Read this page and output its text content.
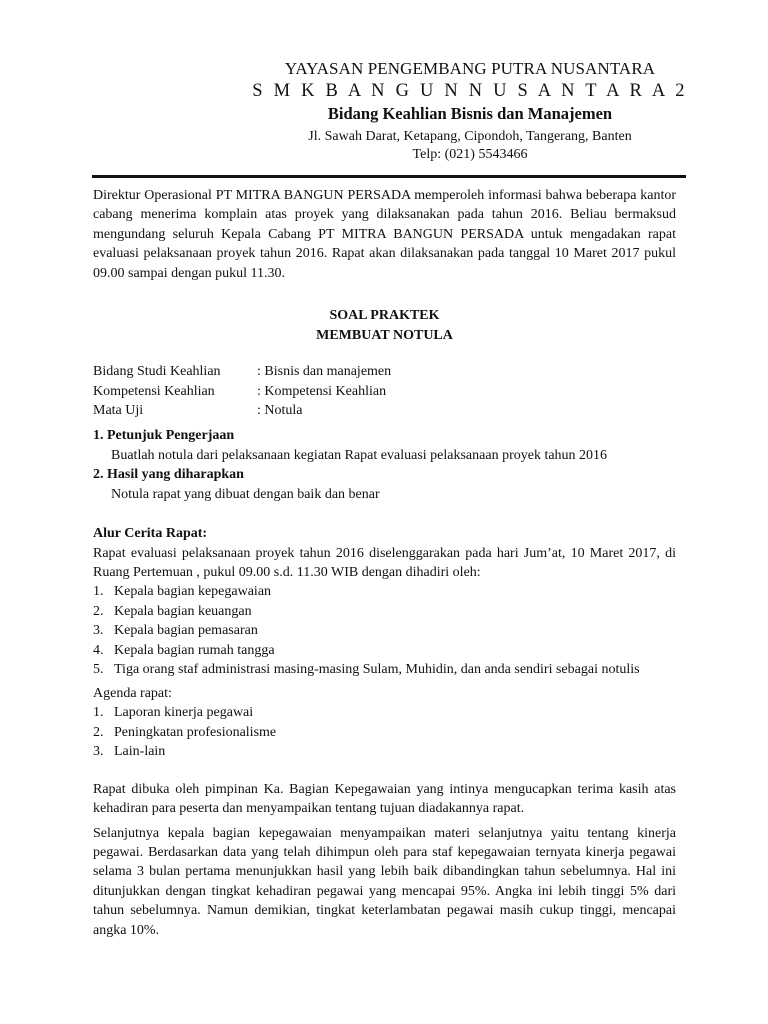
YAYASAN PENGEMBANG PUTRA NUSANTARA
S M K B A N G U N N U S A N T A R A 2
Bidang Keahlian Bisnis dan Manajemen
Jl. Sawah Darat, Ketapang, Cipondoh, Tangerang, Banten
Telp: (021) 5543466

Direktur Operasional PT MITRA BANGUN PERSADA memperoleh informasi bahwa beberapa kantor cabang menerima komplain atas proyek yang dilaksanakan pada tahun 2016. Beliau bermaksud mengundang seluruh Kepala Cabang PT MITRA BANGUN PERSADA untuk mengadakan rapat evaluasi pelaksanaan proyek tahun 2016. Rapat akan dilaksanakan pada tanggal 10 Maret 2017 pukul 09.00 sampai dengan pukul 11.30.

SOAL PRAKTEK
MEMBUAT NOTULA
Bidang Studi Keahlian	: Bisnis dan manajemen
Kompetensi Keahlian	: Kompetensi Keahlian
Mata Uji	: Notula
1. Petunjuk Pengerjaan
Buatlah notula dari pelaksanaan kegiatan Rapat evaluasi pelaksanaan proyek tahun 2016
2. Hasil yang diharapkan
Notula rapat yang dibuat dengan baik dan benar
Alur Cerita Rapat:

Rapat evaluasi pelaksanaan proyek tahun 2016 diselenggarakan pada hari Jum’at, 10 Maret 2017, di Ruang Pertemuan , pukul 09.00 s.d. 11.30 WIB dengan dihadiri oleh:

1. Kepala bagian kepegawaian
2. Kepala bagian keuangan
3. Kepala bagian pemasaran
4. Kepala bagian rumah tangga
5. Tiga orang staf administrasi masing-masing Sulam, Muhidin, dan anda sendiri sebagai notulis
Agenda rapat:
1. Laporan kinerja pegawai
2. Peningkatan profesionalisme
3. Lain-lain

Rapat dibuka oleh pimpinan Ka. Bagian Kepegawaian yang intinya mengucapkan terima kasih atas kehadiran para peserta dan menyampaikan tentang tujuan diadakannya rapat.

Selanjutnya kepala bagian kepegawaian menyampaikan materi selanjutnya yaitu tentang kinerja pegawai. Berdasarkan data yang telah dihimpun oleh para staf kepegawaian ternyata kinerja pegawai selama 3 bulan pertama menunjukkan hasil yang lebih baik dibandingkan tahun sebelumnya. Hal ini ditunjukkan dengan tingkat kehadiran pegawai yang mencapai 95%. Angka ini lebih tinggi 5% dari tahun sebelumnya. Namun demikian, tingkat keterlambatan pegawai masih cukup tinggi, mencapai angka 10%.
